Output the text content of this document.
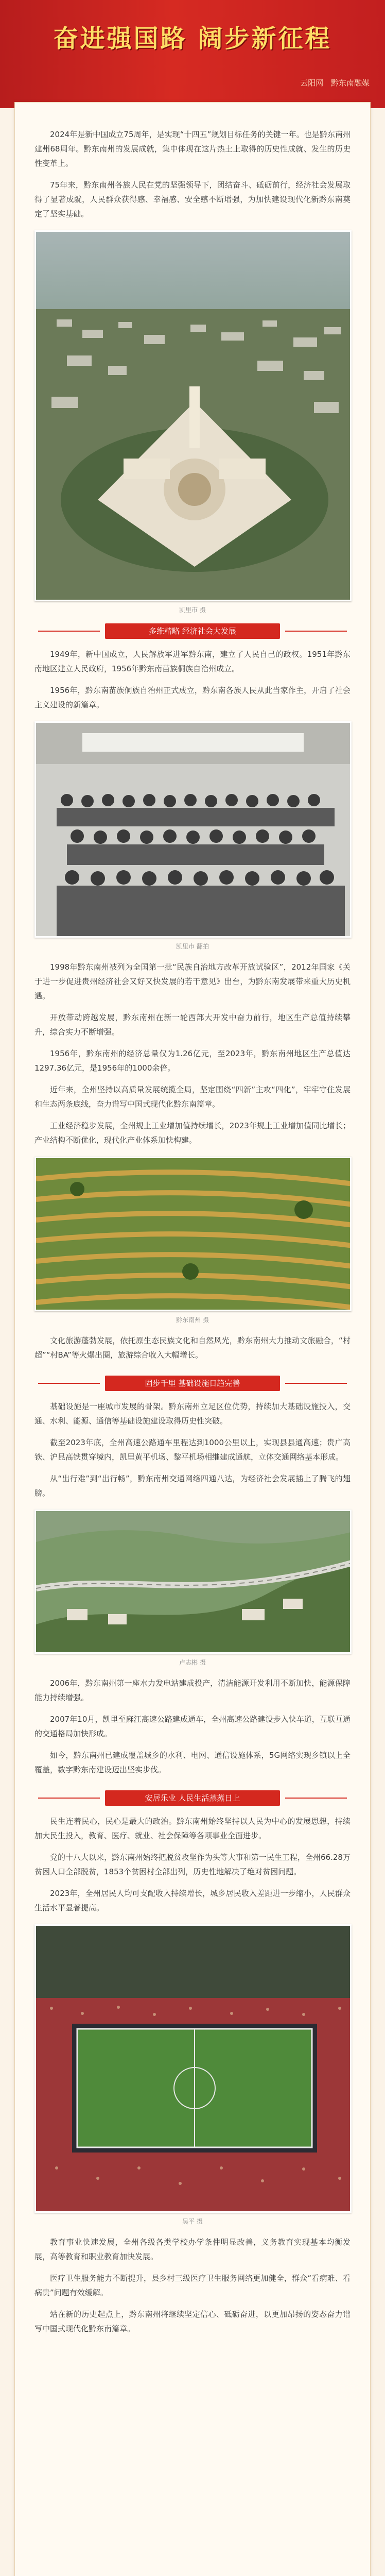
奋进强国路 阔步新征程
云阳网 黔东南融媒

2024年是新中国成立75周年，是实现“十四五”规划目标任务的关键一年。也是黔东南州建州68周年。黔东南州的发展成就，集中体现在这片热土上取得的历史性成就、发生的历史性变革上。

75年来，黔东南州各族人民在党的坚强领导下，团结奋斗、砥砺前行，经济社会发展取得了显著成就，人民群众获得感、幸福感、安全感不断增强，为加快建设现代化新黔东南奠定了坚实基础。

凯里市 摄
多维精略 经济社会大发展

1949年，新中国成立，人民解放军进军黔东南，建立了人民自己的政权。1951年黔东南地区建立人民政府，1956年黔东南苗族侗族自治州成立。

1956年，黔东南苗族侗族自治州正式成立，黔东南各族人民从此当家作主，开启了社会主义建设的新篇章。

凯里市 翻拍

1998年黔东南州被列为全国第一批“民族自治地方改革开放试验区”，2012年国家《关于进一步促进贵州经济社会又好又快发展的若干意见》出台，为黔东南发展带来重大历史机遇。

开放带动跨越发展，黔东南州在新一轮西部大开发中奋力前行，地区生产总值持续攀升，综合实力不断增强。

1956年，黔东南州的经济总量仅为1.26亿元，至2023年，黔东南州地区生产总值达1297.36亿元，是1956年的1000余倍。

近年来，全州坚持以高质量发展统揽全局，坚定围绕“四新”主攻“四化”，牢牢守住发展和生态两条底线，奋力谱写中国式现代化黔东南篇章。

工业经济稳步发展，全州规上工业增加值持续增长，2023年规上工业增加值同比增长；产业结构不断优化，现代化产业体系加快构建。

黔东南州 摄

文化旅游蓬勃发展，依托原生态民族文化和自然风光，黔东南州大力推动文旅融合，“村超”“村BA”等火爆出圈，旅游综合收入大幅增长。

固步千里 基础设施日趋完善

基础设施是一座城市发展的骨架。黔东南州立足区位优势，持续加大基础设施投入，交通、水利、能源、通信等基础设施建设取得历史性突破。

截至2023年底，全州高速公路通车里程达到1000公里以上，实现县县通高速；贵广高铁、沪昆高铁贯穿境内，凯里黄平机场、黎平机场相继建成通航，立体交通网络基本形成。

从“出行难”到“出行畅”，黔东南州交通网络四通八达，为经济社会发展插上了腾飞的翅膀。

卢志彬 摄

2006年，黔东南州第一座水力发电站建成投产，清洁能源开发利用不断加快，能源保障能力持续增强。

2007年10月，凯里至麻江高速公路建成通车，全州高速公路建设步入快车道，互联互通的交通格局加快形成。

如今，黔东南州已建成覆盖城乡的水利、电网、通信设施体系，5G网络实现乡镇以上全覆盖，数字黔东南建设迈出坚实步伐。

安居乐业 人民生活蒸蒸日上

民生连着民心，民心是最大的政治。黔东南州始终坚持以人民为中心的发展思想，持续加大民生投入，教育、医疗、就业、社会保障等各项事业全面进步。

党的十八大以来，黔东南州始终把脱贫攻坚作为头等大事和第一民生工程，全州66.28万贫困人口全部脱贫，1853个贫困村全部出列，历史性地解决了绝对贫困问题。

2023年，全州居民人均可支配收入持续增长，城乡居民收入差距进一步缩小，人民群众生活水平显著提高。

吴平 摄

教育事业快速发展，全州各级各类学校办学条件明显改善，义务教育实现基本均衡发展，高等教育和职业教育加快发展。

医疗卫生服务能力不断提升，县乡村三级医疗卫生服务网络更加健全，群众“看病难、看病贵”问题有效缓解。

站在新的历史起点上，黔东南州将继续坚定信心、砥砺奋进，以更加昂扬的姿态奋力谱写中国式现代化黔东南篇章。
